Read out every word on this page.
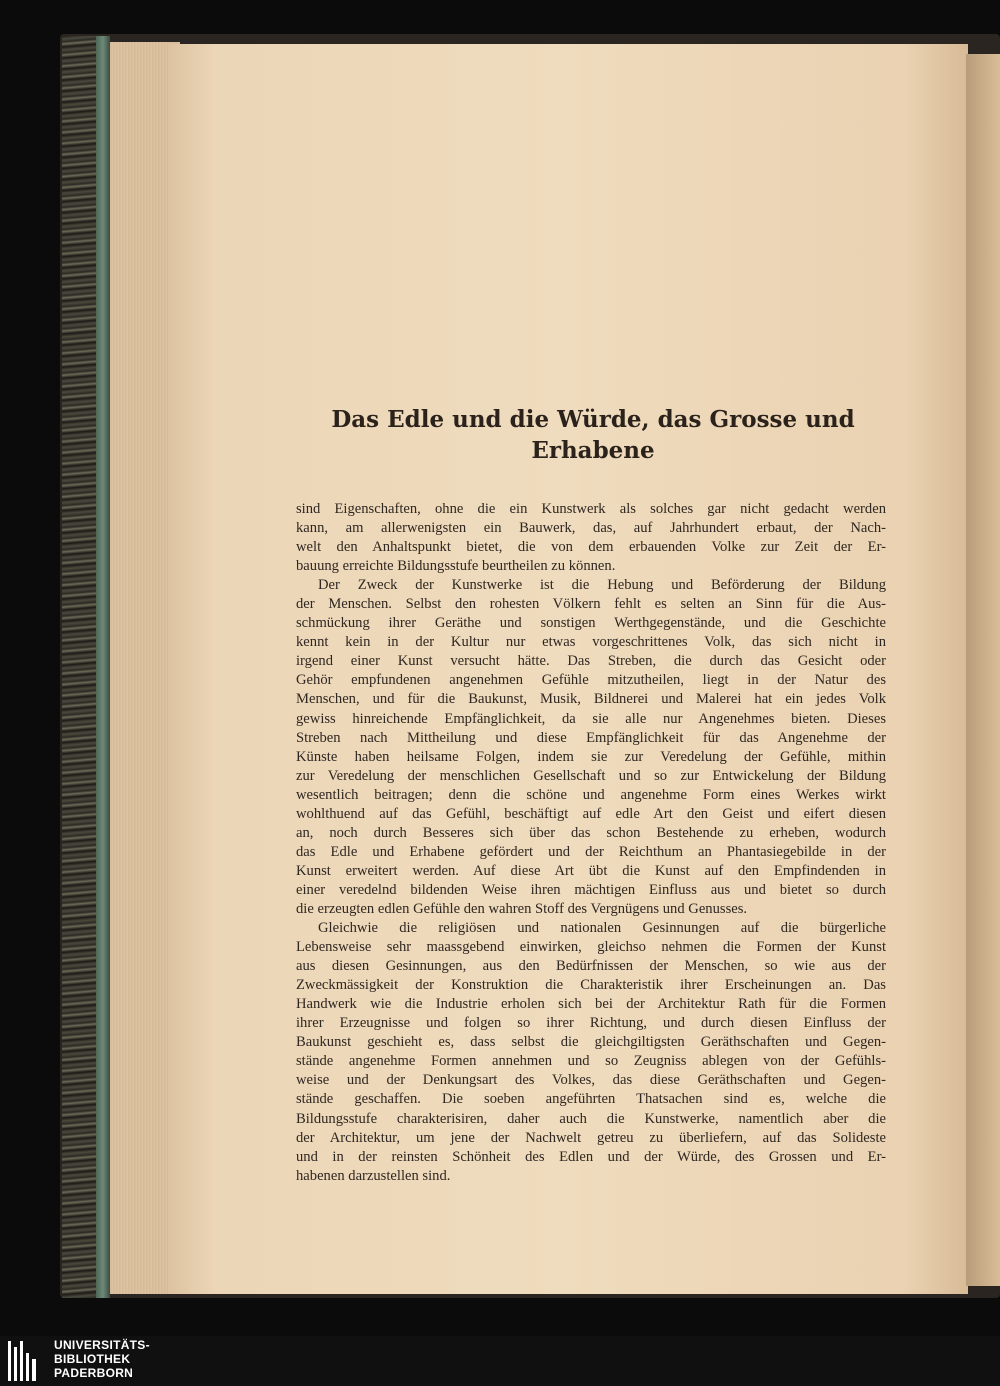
Das Edle und die Würde, das Grosse und
Erhabene

sind Eigenschaften, ohne die ein Kunstwerk als solches gar nicht gedacht werden
kann, am allerwenigsten ein Bauwerk, das, auf Jahrhundert erbaut, der Nach-
welt den Anhaltspunkt bietet, die von dem erbauenden Volke zur Zeit der Er-
bauung erreichte Bildungsstufe beurtheilen zu können.

Der Zweck der Kunstwerke ist die Hebung und Beförderung der Bildung
der Menschen. Selbst den rohesten Völkern fehlt es selten an Sinn für die Aus-
schmückung ihrer Geräthe und sonstigen Werthgegenstände, und die Geschichte
kennt kein in der Kultur nur etwas vorgeschrittenes Volk, das sich nicht in
irgend einer Kunst versucht hätte. Das Streben, die durch das Gesicht oder
Gehör empfundenen angenehmen Gefühle mitzutheilen, liegt in der Natur des
Menschen, und für die Baukunst, Musik, Bildnerei und Malerei hat ein jedes Volk
gewiss hinreichende Empfänglichkeit, da sie alle nur Angenehmes bieten. Dieses
Streben nach Mittheilung und diese Empfänglichkeit für das Angenehme der
Künste haben heilsame Folgen, indem sie zur Veredelung der Gefühle, mithin
zur Veredelung der menschlichen Gesellschaft und so zur Entwickelung der Bildung
wesentlich beitragen; denn die schöne und angenehme Form eines Werkes wirkt
wohlthuend auf das Gefühl, beschäftigt auf edle Art den Geist und eifert diesen
an, noch durch Besseres sich über das schon Bestehende zu erheben, wodurch
das Edle und Erhabene gefördert und der Reichthum an Phantasiegebilde in der
Kunst erweitert werden. Auf diese Art übt die Kunst auf den Empfindenden in
einer veredelnd bildenden Weise ihren mächtigen Einfluss aus und bietet so durch
die erzeugten edlen Gefühle den wahren Stoff des Vergnügens und Genusses.

Gleichwie die religiösen und nationalen Gesinnungen auf die bürgerliche
Lebensweise sehr maassgebend einwirken, gleichso nehmen die Formen der Kunst
aus diesen Gesinnungen, aus den Bedürfnissen der Menschen, so wie aus der
Zweckmässigkeit der Konstruktion die Charakteristik ihrer Erscheinungen an. Das
Handwerk wie die Industrie erholen sich bei der Architektur Rath für die Formen
ihrer Erzeugnisse und folgen so ihrer Richtung, und durch diesen Einfluss der
Baukunst geschieht es, dass selbst die gleichgiltigsten Geräthschaften und Gegen-
stände angenehme Formen annehmen und so Zeugniss ablegen von der Gefühls-
weise und der Denkungsart des Volkes, das diese Geräthschaften und Gegen-
stände geschaffen. Die soeben angeführten Thatsachen sind es, welche die
Bildungsstufe charakterisiren, daher auch die Kunstwerke, namentlich aber die
der Architektur, um jene der Nachwelt getreu zu überliefern, auf das Solideste
und in der reinsten Schönheit des Edlen und der Würde, des Grossen und Er-
habenen darzustellen sind.

UNIVERSITÄTS-
BIBLIOTHEK
PADERBORN
